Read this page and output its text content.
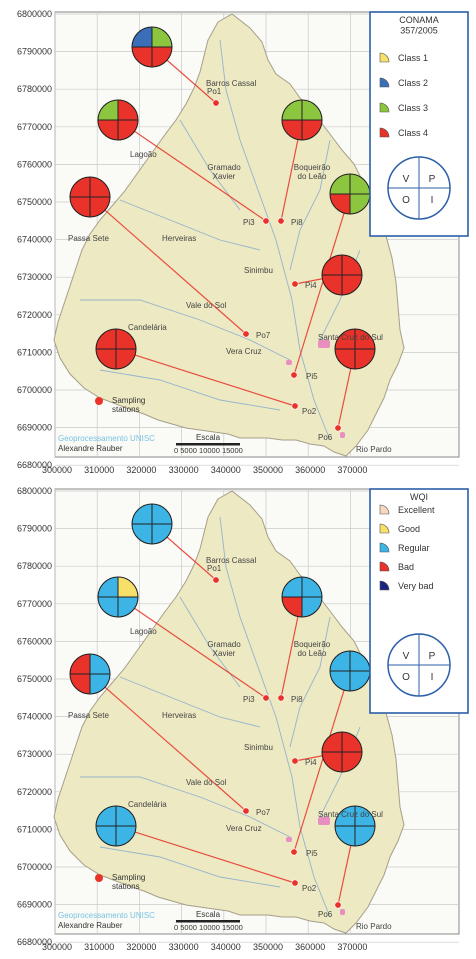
6800000
6790000
6780000
6770000
6760000
6750000
6740000
6730000
6720000
6710000
6700000
6690000
6680000
300000 310000 320000 330000 340000 350000 360000 370000
Po1
Pi3	Pi8
Pi4
Po7
Pi5
Po2
Po6
Barros Cassal
Lagoão
Gramado Xavier
Boqueirão do Leão
Passa Sete	Herveiras
Sinimbu
Vale do Sol
Candelária
Vera Cruz
Santa Cruz do Sul
Rio Pardo
Sampling stations
Geoprocessamento UNISC
Alexandre Rauber
Escala
0 5000 10000 15000
CONAMA 357/2005
Class 1
Class 2
Class 3
Class 4
V P
O I
6800000
6790000
6780000
6770000
6760000
6750000
6740000
6730000
6720000
6710000
6700000
6690000
6680000
300000 310000 320000 330000 340000 350000 360000 370000
Po1
Pi3	Pi8
Pi4
Po7
Pi5
Po2
Po6
Barros Cassal
Lagoão
Gramado Xavier
Boqueirão do Leão
Passa Sete	Herveiras
Sinimbu
Vale do Sol
Candelária
Vera Cruz
Santa Cruz do Sul
Rio Pardo
Sampling stations
Geoprocessamento UNISC
Alexandre Rauber
Escala
0 5000 10000 15000
WQI
Excellent
Good
Regular
Bad
Very bad
V P
O I
